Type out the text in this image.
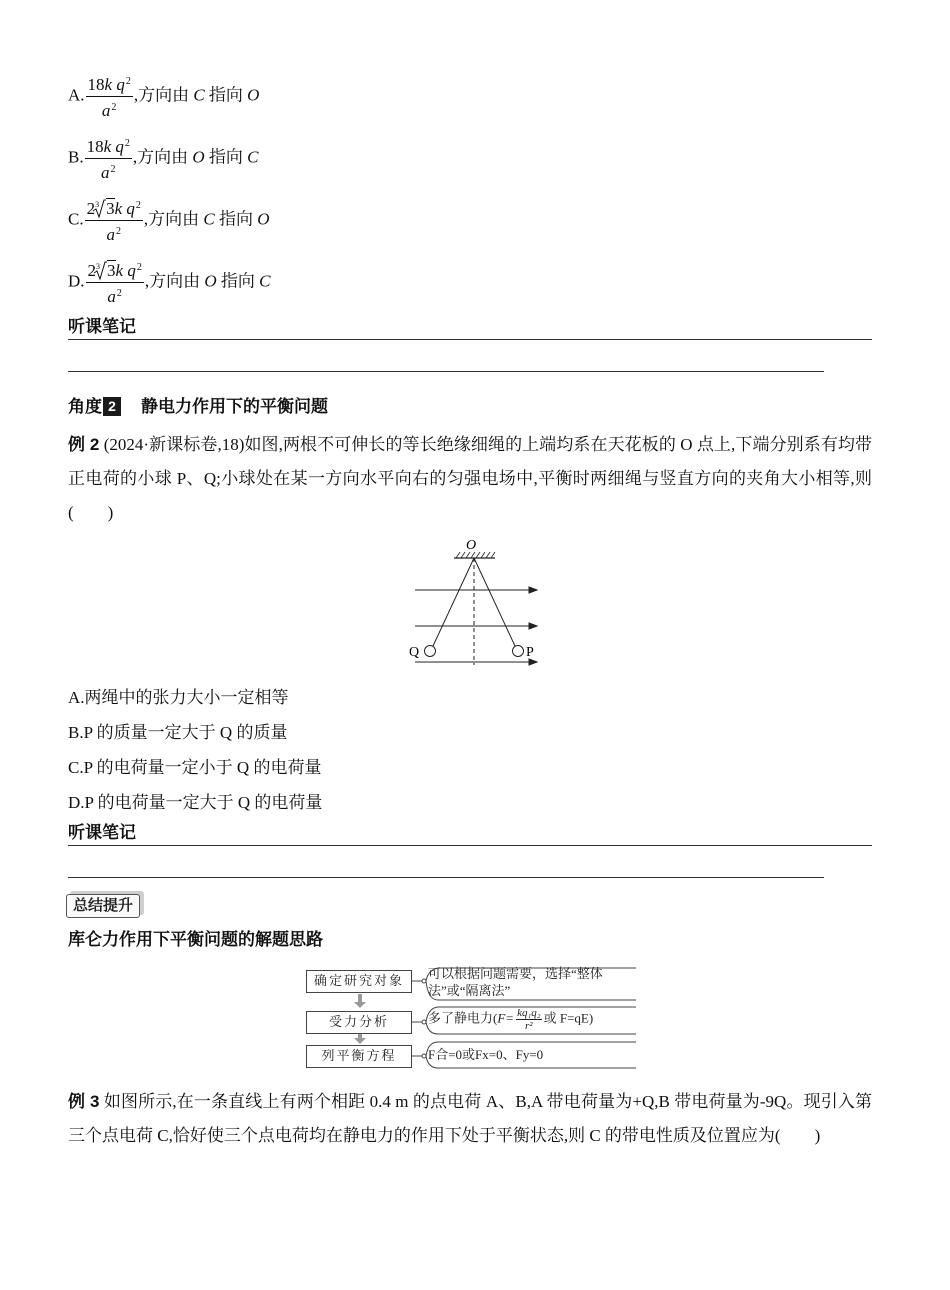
A. $\frac{18k q^2}{a^2}$ ,方向由 C 指向 O
B. $\frac{18k q^2}{a^2}$ ,方向由 O 指向 C
C. $\frac{2 3 3k q^2}{a^2}$ ,方向由 C 指向 O
D. $\frac{2 3 3k q^2}{a^2}$ ,方向由 O 指向 C
听课笔记
角度 2 静电力作用下的平衡问题
例 2 (2024·新课标卷,18)如图,两根不可伸长的等长绝缘细绳的上端均系在天花板的 O 点上,下端分别系有均带正电荷的小球 P、Q;小球处在某一方向水平向右的匀强电场中,平衡时两细绳与竖直方向的夹角大小相等,则(　　)
O
Q	P
A.两绳中的张力大小一定相等
B.P 的质量一定大于 Q 的质量
C.P 的电荷量一定小于 Q 的电荷量
D.P 的电荷量一定大于 Q 的电荷量
听课笔记
总结提升
库仑力作用下平衡问题的解题思路
确定研究对象
受力分析
列平衡方程
可以根据问题需要，选择“整体
法”或“隔离法”
多了静电力($F= \frac{\text{kq₁q₂}}{\text{r²}}$ 或 F=qE)
F合=0或Fx=0、Fy=0
例 3 如图所示,在一条直线上有两个相距 0.4 m 的点电荷 A、B,A 带电荷量为+Q,B 带电荷量为-9Q。现引入第三个点电荷 C,恰好使三个点电荷均在静电力的作用下处于平衡状态,则 C 的带电性质及位置应为(　　)
